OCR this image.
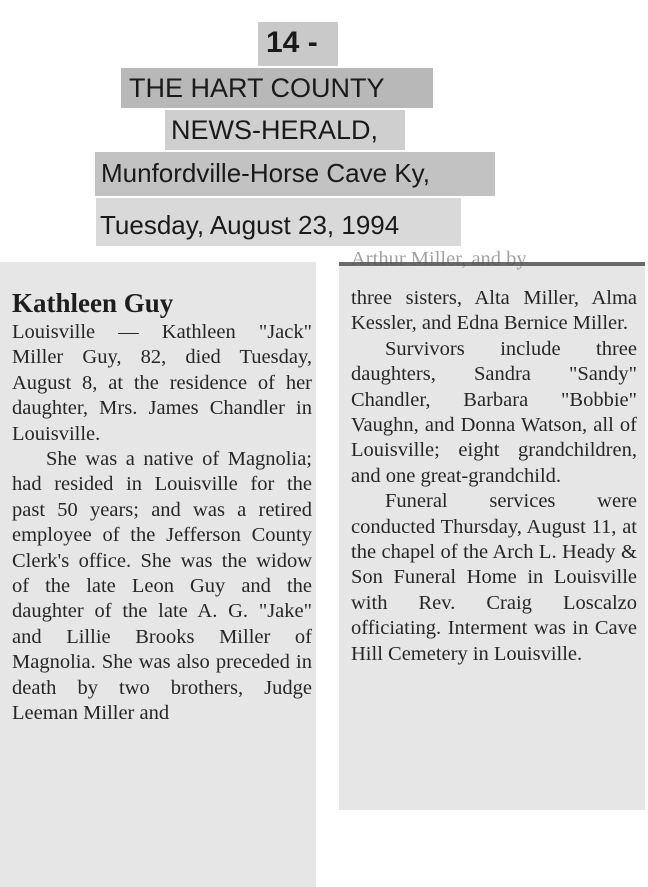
14 -
THE HART COUNTY
NEWS-HERALD,
Munfordville-Horse Cave Ky,
Tuesday, August 23, 1994
Kathleen Guy

Louisville — Kathleen "Jack" Miller Guy, 82, died Tuesday, August 8, at the residence of her daughter, Mrs. James Chandler in Louisville.

She was a native of Magnolia; had resided in Louisville for the past 50 years; and was a retired employee of the Jefferson County Clerk's office. She was the widow of the late Leon Guy and the daughter of the late A. G. "Jake" and Lillie Brooks Miller of Magnolia. She was also preceded in death by two brothers, Judge Leeman Miller and

Arthur Miller, and by

three sisters, Alta Miller, Alma Kessler, and Edna Bernice Miller.

Survivors include three daughters, Sandra "Sandy" Chandler, Barbara "Bobbie" Vaughn, and Donna Watson, all of Louisville; eight grandchildren, and one great-grandchild.

Funeral services were conducted Thursday, August 11, at the chapel of the Arch L. Heady & Son Funeral Home in Louisville with Rev. Craig Loscalzo officiating. Interment was in Cave Hill Cemetery in Louisville.
